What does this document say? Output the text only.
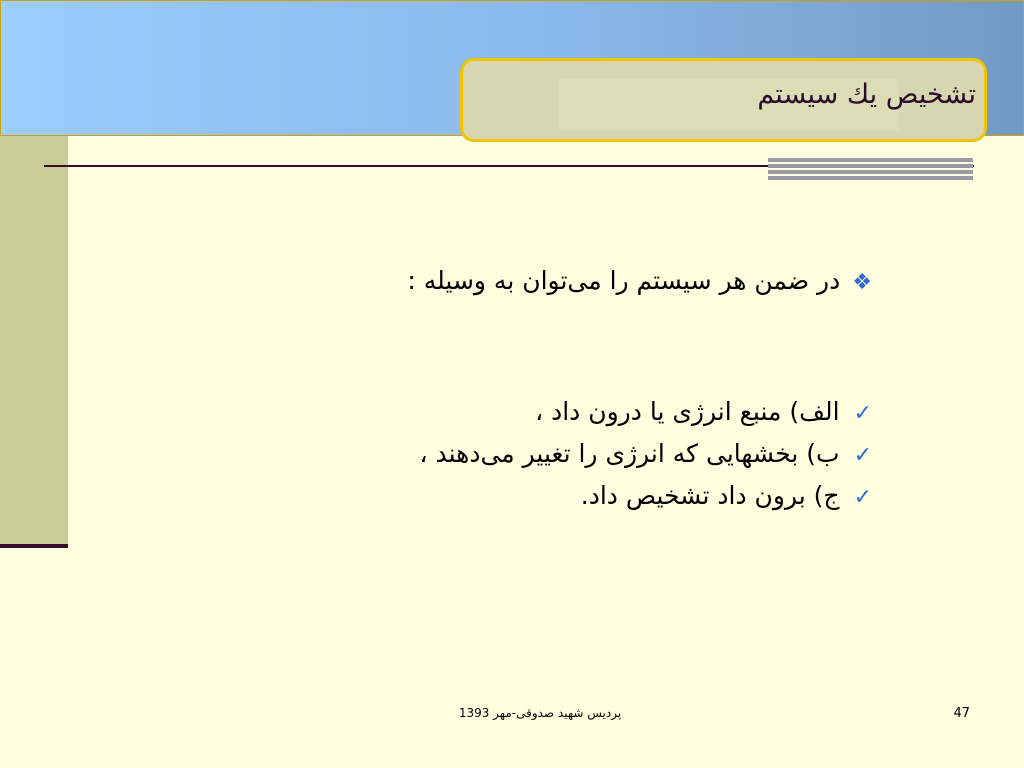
تشخيص يك سيستم
❖در ضمن هر سيستم را می‌توان به وسيله :
✓الف) منبع انرژی يا درون داد ،
✓ب) بخشهايی كه انرژی را تغيير می‌دهند ،
✓ج) برون داد تشخيص داد.
پرديس شهيد صدوقی-مهر 1393	47
